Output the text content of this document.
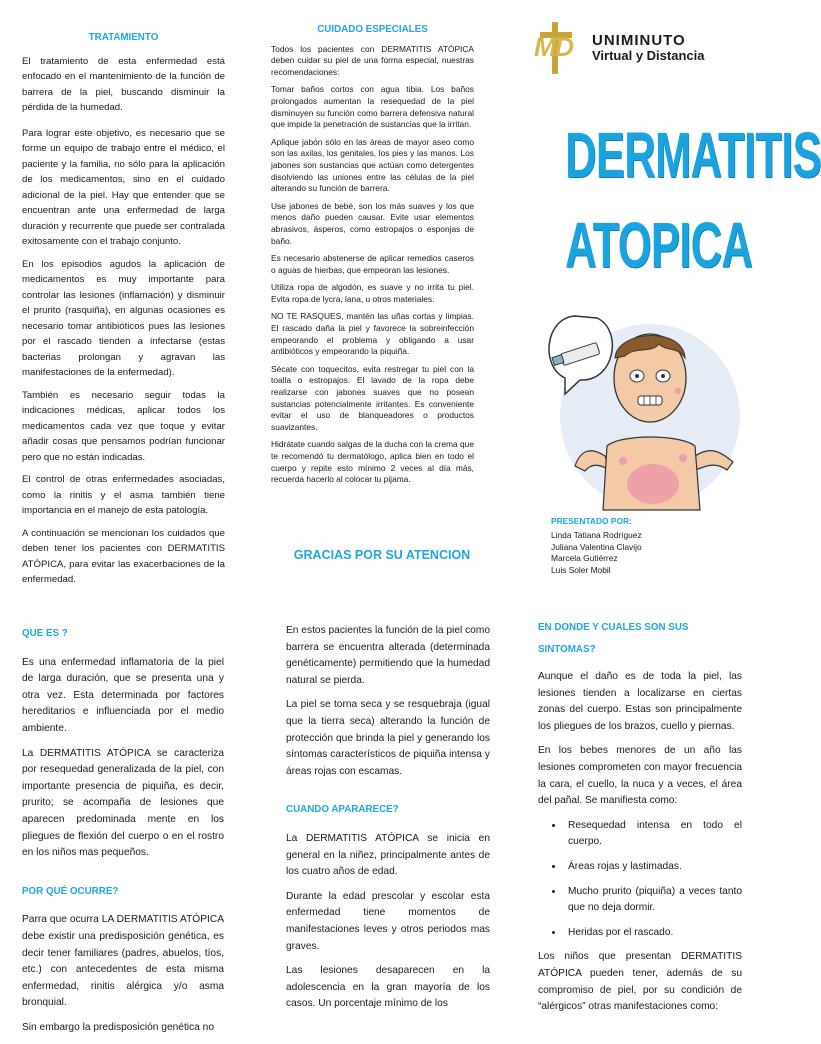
TRATAMIENTO

El tratamiento de esta enfermedad está enfocado en el mantenimiento de la función de barrera de la piel, buscando disminuir la pérdida de la humedad.

Para lograr este objetivo, es necesario que se forme un equipo de trabajo entre el médico, el paciente y la familia, no sólo para la aplicación de los medicamentos, sino en el cuidado adicional de la piel. Hay que entender que se encuentran ante una enfermedad de larga duración y recurrente que puede ser contralada exitosamente con el trabajo conjunto.

En los episodios agudos la aplicación de medicamentos es muy importante para controlar las lesiones (inflamación) y disminuir el prurito (rasquiña), en algunas ocasiones es necesario tomar antibióticos pues las lesiones por el rascado tienden a infectarse (estas bacterias prolongan y agravan las manifestaciones de la enfermedad).

También es necesario seguir todas la indicaciones médicas, aplicar todos los medicamentos cada vez que toque y evitar añadir cosas que pensamos podrían funcionar pero que no están indicadas.

El control de otras enfermedades asociadas, como la rinitis y el asma también tiene importancia en el manejo de esta patología.

A continuación se mencionan los cuidados que deben tener los pacientes con DERMATITIS ATÓPICA, para evitar las exacerbaciones de la enfermedad.

CUIDADO ESPECIALES

Todos los pacientes con DERMATITIS ATÓPICA deben cuidar su piel de una forma especial, nuestras recomendaciones:

Tomar baños cortos con agua tibia. Los baños prolongados aumentan la resequedad de la piel disminuyen su función como barrera defensiva natural que impide la penetración de sustancias que la irritan.

Aplique jabón sólo en las áreas de mayor aseo como son las axilas, los genitales, los pies y las manos. Los jabones son sustancias que actúan como detergentes disolviendo las uniones entre las células de la piel alterando su función de barrera.

Use jabones de bebé, son los más suaves y los que menos daño pueden causar. Evite usar elementos abrasivos, ásperos, como estropajos o esponjas de baño.

Es necesario abstenerse de aplicar remedios caseros o aguas de hierbas, que empeoran las lesiones.

Utiliza ropa de algodón, es suave y no irrita tu piel. Evita ropa de lycra, lana, u otros materiales.

NO TE RASQUES, mantén las uñas cortas y limpias. El rascado daña la piel y favorece la sobreinfección empeorando el problema y obligando a usar antibióticos y empeorando la piquiña.

Sécate con toquecitos, evita restregar tu piel con la toalla o estropajos. El lavado de la ropa debe realizarse con jabones suaves que no posean sustancias potencialmente irritantes. Es conveniente evitar el uso de blanqueadores o productos suavizantes.

Hidrátate cuando salgas de la ducha con la crema que te recomendó tu dermatólogo, aplica bien en todo el cuerpo y repite esto mínimo 2 veces al día más, recuerda hacerlo al colocar tu pijama.

GRACIAS POR SU ATENCION
MD UNIMINUTO
Virtual y Distancia
DERMATITIS
ATOPICA
PRESENTADO POR:
Linda Tatiana Rodríguez
Juliana Valentina Clavijo
Marcela Gutiérrez
Luis Soler Mobil
QUE ES ?

Es una enfermedad inflamatoria de la piel de larga duración, que se presenta una y otra vez. Esta determinada por factores hereditarios e influenciada por el medio ambiente.

La DERMATITIS ATÓPICA se caracteriza por resequedad generalizada de la piel, con importante presencia de piquiña, es decir, prurito; se acompaña de lesiones que aparecen predominada mente en los pliegues de flexión del cuerpo o en el rostro en los niños mas pequeños.

POR QUÉ OCURRE?

Parra que ocurra LA DERMATITIS ATÓPICA debe existir una predisposición genética, es decir tener familiares (padres, abuelos, tíos, etc.) con antecedentes de esta misma enfermedad, rinitis alérgica y/o asma bronquial.

Sin embargo la predisposición genética no

En estos pacientes la función de la piel como barrera se encuentra alterada (determinada genéticamente) permitiendo que la humedad natural se pierda.

La piel se torna seca y se resquebraja (igual que la tierra seca) alterando la función de protección que brinda la piel y generando los síntomas característicos de piquiña intensa y áreas rojas con escamas.

CUANDO APARARECE?

La DERMATITIS ATÓPICA se inicia en general en la niñez, principalmente antes de los cuatro años de edad.

Durante la edad prescolar y escolar esta enfermedad tiene momentos de manifestaciones leves y otros periodos mas graves.

Las lesiones desaparecen en la adolescencia en la gran mayoría de los casos. Un porcentaje mínimo de los

EN DONDE Y CUALES SON SUS SINTOMAS?

Aunque el daño es de toda la piel, las lesiones tienden a localizarse en ciertas zonas del cuerpo. Estas son principalmente los pliegues de los brazos, cuello y piernas.

En los bebes menores de un año las lesiones comprometen con mayor frecuencia la cara, el cuello, la nuca y a veces, el área del pañal. Se manifiesta como:

• Resequedad intensa en todo el cuerpo.
• Áreas rojas y lastimadas.
• Mucho prurito (piquiña) a veces tanto que no deja dormir.
• Heridas por el rascado.

Los niños que presentan DERMATITIS ATÓPICA pueden tener, además de su compromiso de piel, por su condición de “alérgicos” otras manifestaciones como:
